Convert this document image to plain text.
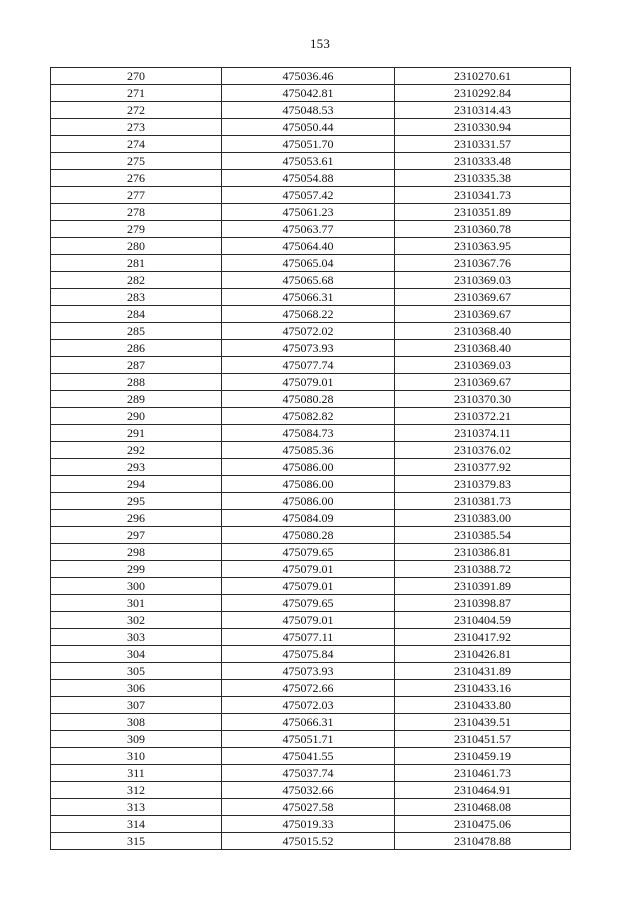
153
270	475036.46	2310270.61
271	475042.81	2310292.84
272	475048.53	2310314.43
273	475050.44	2310330.94
274	475051.70	2310331.57
275	475053.61	2310333.48
276	475054.88	2310335.38
277	475057.42	2310341.73
278	475061.23	2310351.89
279	475063.77	2310360.78
280	475064.40	2310363.95
281	475065.04	2310367.76
282	475065.68	2310369.03
283	475066.31	2310369.67
284	475068.22	2310369.67
285	475072.02	2310368.40
286	475073.93	2310368.40
287	475077.74	2310369.03
288	475079.01	2310369.67
289	475080.28	2310370.30
290	475082.82	2310372.21
291	475084.73	2310374.11
292	475085.36	2310376.02
293	475086.00	2310377.92
294	475086.00	2310379.83
295	475086.00	2310381.73
296	475084.09	2310383.00
297	475080.28	2310385.54
298	475079.65	2310386.81
299	475079.01	2310388.72
300	475079.01	2310391.89
301	475079.65	2310398.87
302	475079.01	2310404.59
303	475077.11	2310417.92
304	475075.84	2310426.81
305	475073.93	2310431.89
306	475072.66	2310433.16
307	475072.03	2310433.80
308	475066.31	2310439.51
309	475051.71	2310451.57
310	475041.55	2310459.19
311	475037.74	2310461.73
312	475032.66	2310464.91
313	475027.58	2310468.08
314	475019.33	2310475.06
315	475015.52	2310478.88
